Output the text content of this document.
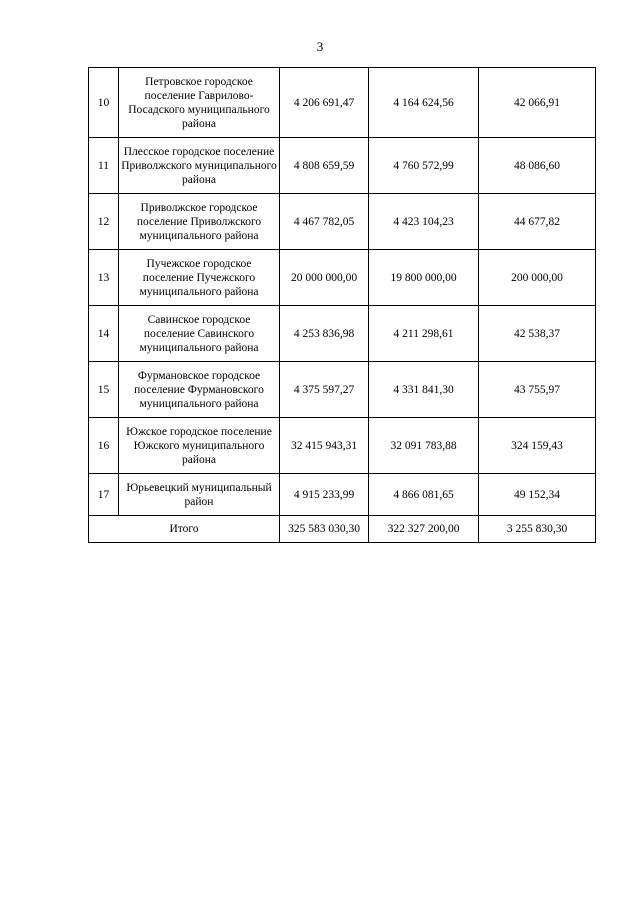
3
10	Петровское городское поселение Гаврилово-Посадского муниципального района	4 206 691,47	4 164 624,56	42 066,91
11	Плесское городское поселение Приволжского муниципального района	4 808 659,59	4 760 572,99	48 086,60
12	Приволжское городское поселение Приволжского муниципального района	4 467 782,05	4 423 104,23	44 677,82
13	Пучежское городское поселение Пучежского муниципального района	20 000 000,00	19 800 000,00	200 000,00
14	Савинское городское поселение Савинского муниципального района	4 253 836,98	4 211 298,61	42 538,37
15	Фурмановское городское поселение Фурмановского муниципального района	4 375 597,27	4 331 841,30	43 755,97
16	Южское городское поселение Южского муниципального района	32 415 943,31	32 091 783,88	324 159,43
17	Юрьевецкий муниципальный район	4 915 233,99	4 866 081,65	49 152,34
Итого		325 583 030,30	322 327 200,00	3 255 830,30
